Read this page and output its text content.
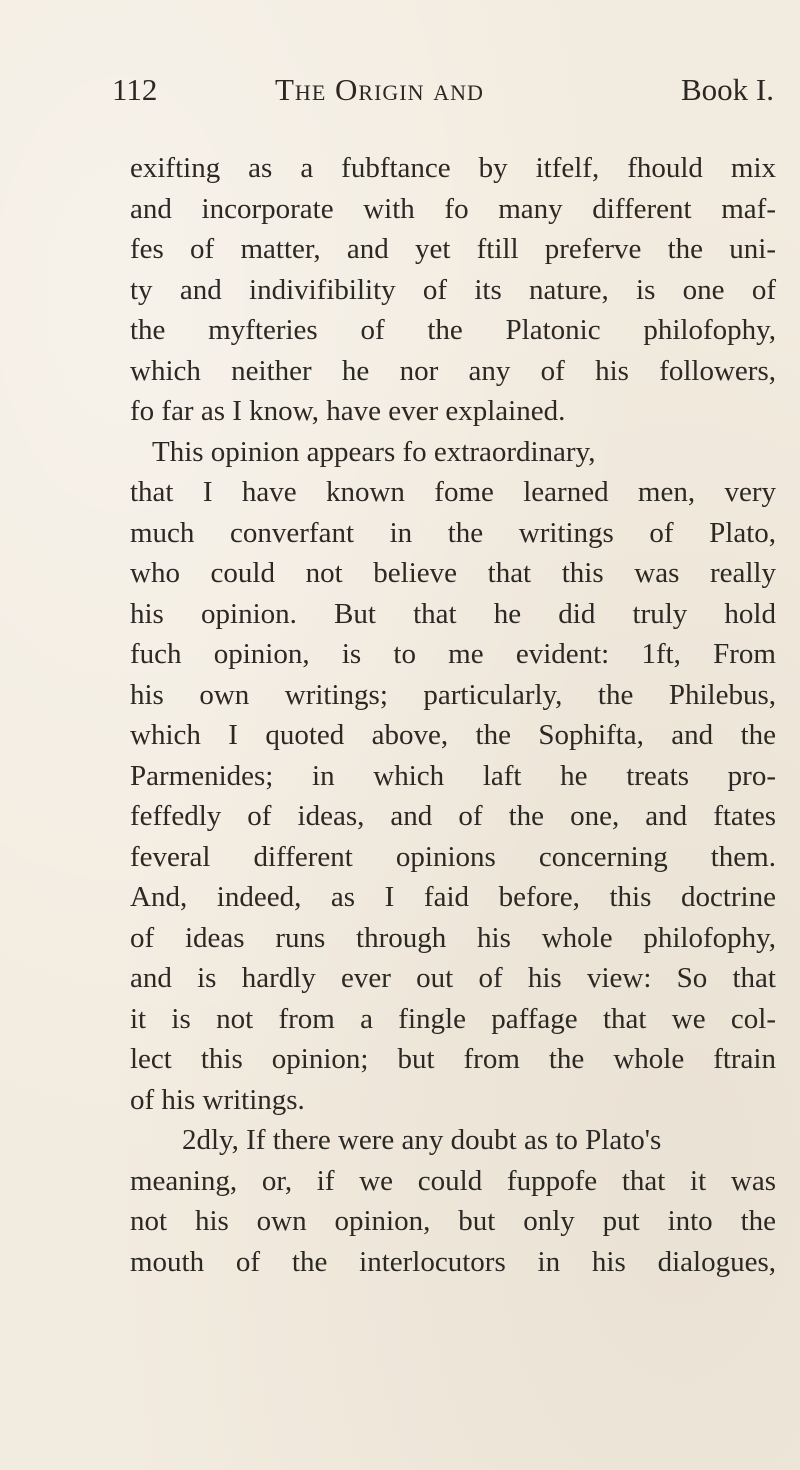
112	The Origin and	Book I.
exifting as a fubftance by itfelf, fhould mix
and incorporate with fo many different maf-
fes of matter, and yet ftill preferve the uni-
ty and indivifibility of its nature, is one of
the myfteries of the Platonic philofophy,
which neither he nor any of his followers,
fo far as I know, have ever explained.
This opinion appears fo extraordinary,
that I have known fome learned men, very
much converfant in the writings of Plato,
who could not believe that this was really
his opinion. But that he did truly hold
fuch opinion, is to me evident: 1ft, From
his own writings; particularly, the Philebus,
which I quoted above, the Sophifta, and the
Parmenides; in which laft he treats pro-
feffedly of ideas, and of the one, and ftates
feveral different opinions concerning them.
And, indeed, as I faid before, this doctrine
of ideas runs through his whole philofophy,
and is hardly ever out of his view: So that
it is not from a fingle paffage that we col-
lect this opinion; but from the whole ftrain
of his writings.
2dly, If there were any doubt as to Plato's
meaning, or, if we could fuppofe that it was
not his own opinion, but only put into the
mouth of the interlocutors in his dialogues,
